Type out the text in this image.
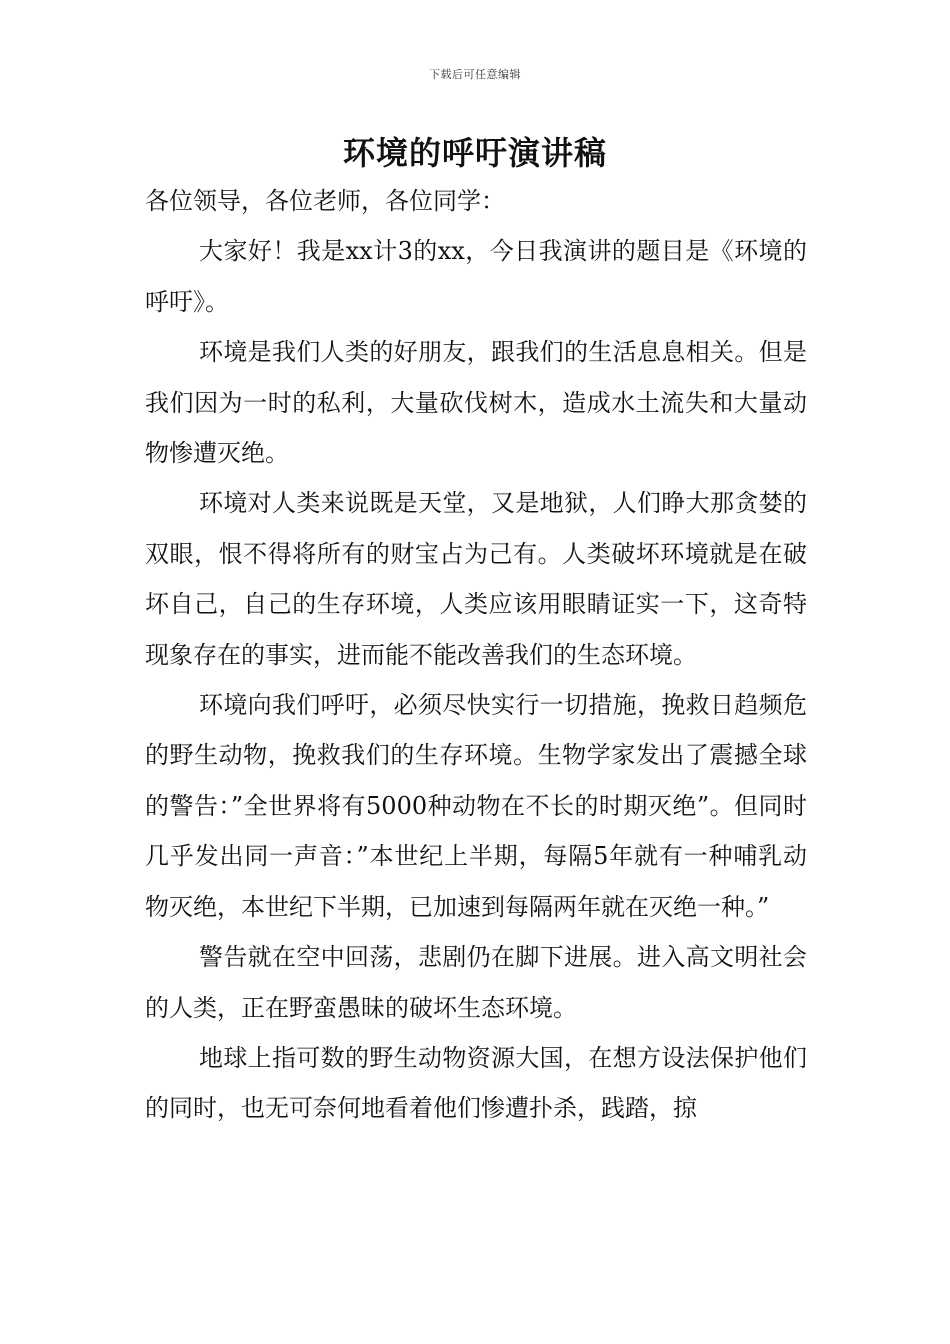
下载后可任意编辑
环境的呼吁演讲稿

各位领导，各位老师，各位同学：

大家好！我是xx计3的xx，今日我演讲的题目是《环境的呼吁》。

环境是我们人类的好朋友，跟我们的生活息息相关。但是我们因为一时的私利，大量砍伐树木，造成水土流失和大量动物惨遭灭绝。

环境对人类来说既是天堂，又是地狱，人们睁大那贪婪的双眼，恨不得将所有的财宝占为己有。人类破坏环境就是在破坏自己，自己的生存环境，人类应该用眼睛证实一下，这奇特现象存在的事实，进而能不能改善我们的生态环境。

环境向我们呼吁，必须尽快实行一切措施，挽救日趋频危的野生动物，挽救我们的生存环境。生物学家发出了震撼全球的警告：”全世界将有5000种动物在不长的时期灭绝”。但同时几乎发出同一声音：”本世纪上半期，每隔5年就有一种哺乳动物灭绝，本世纪下半期，已加速到每隔两年就在灭绝一种。”

警告就在空中回荡，悲剧仍在脚下进展。进入高文明社会的人类，正在野蛮愚昧的破坏生态环境。

地球上指可数的野生动物资源大国，在想方设法保护他们的同时，也无可奈何地看着他们惨遭扑杀，践踏，掠
